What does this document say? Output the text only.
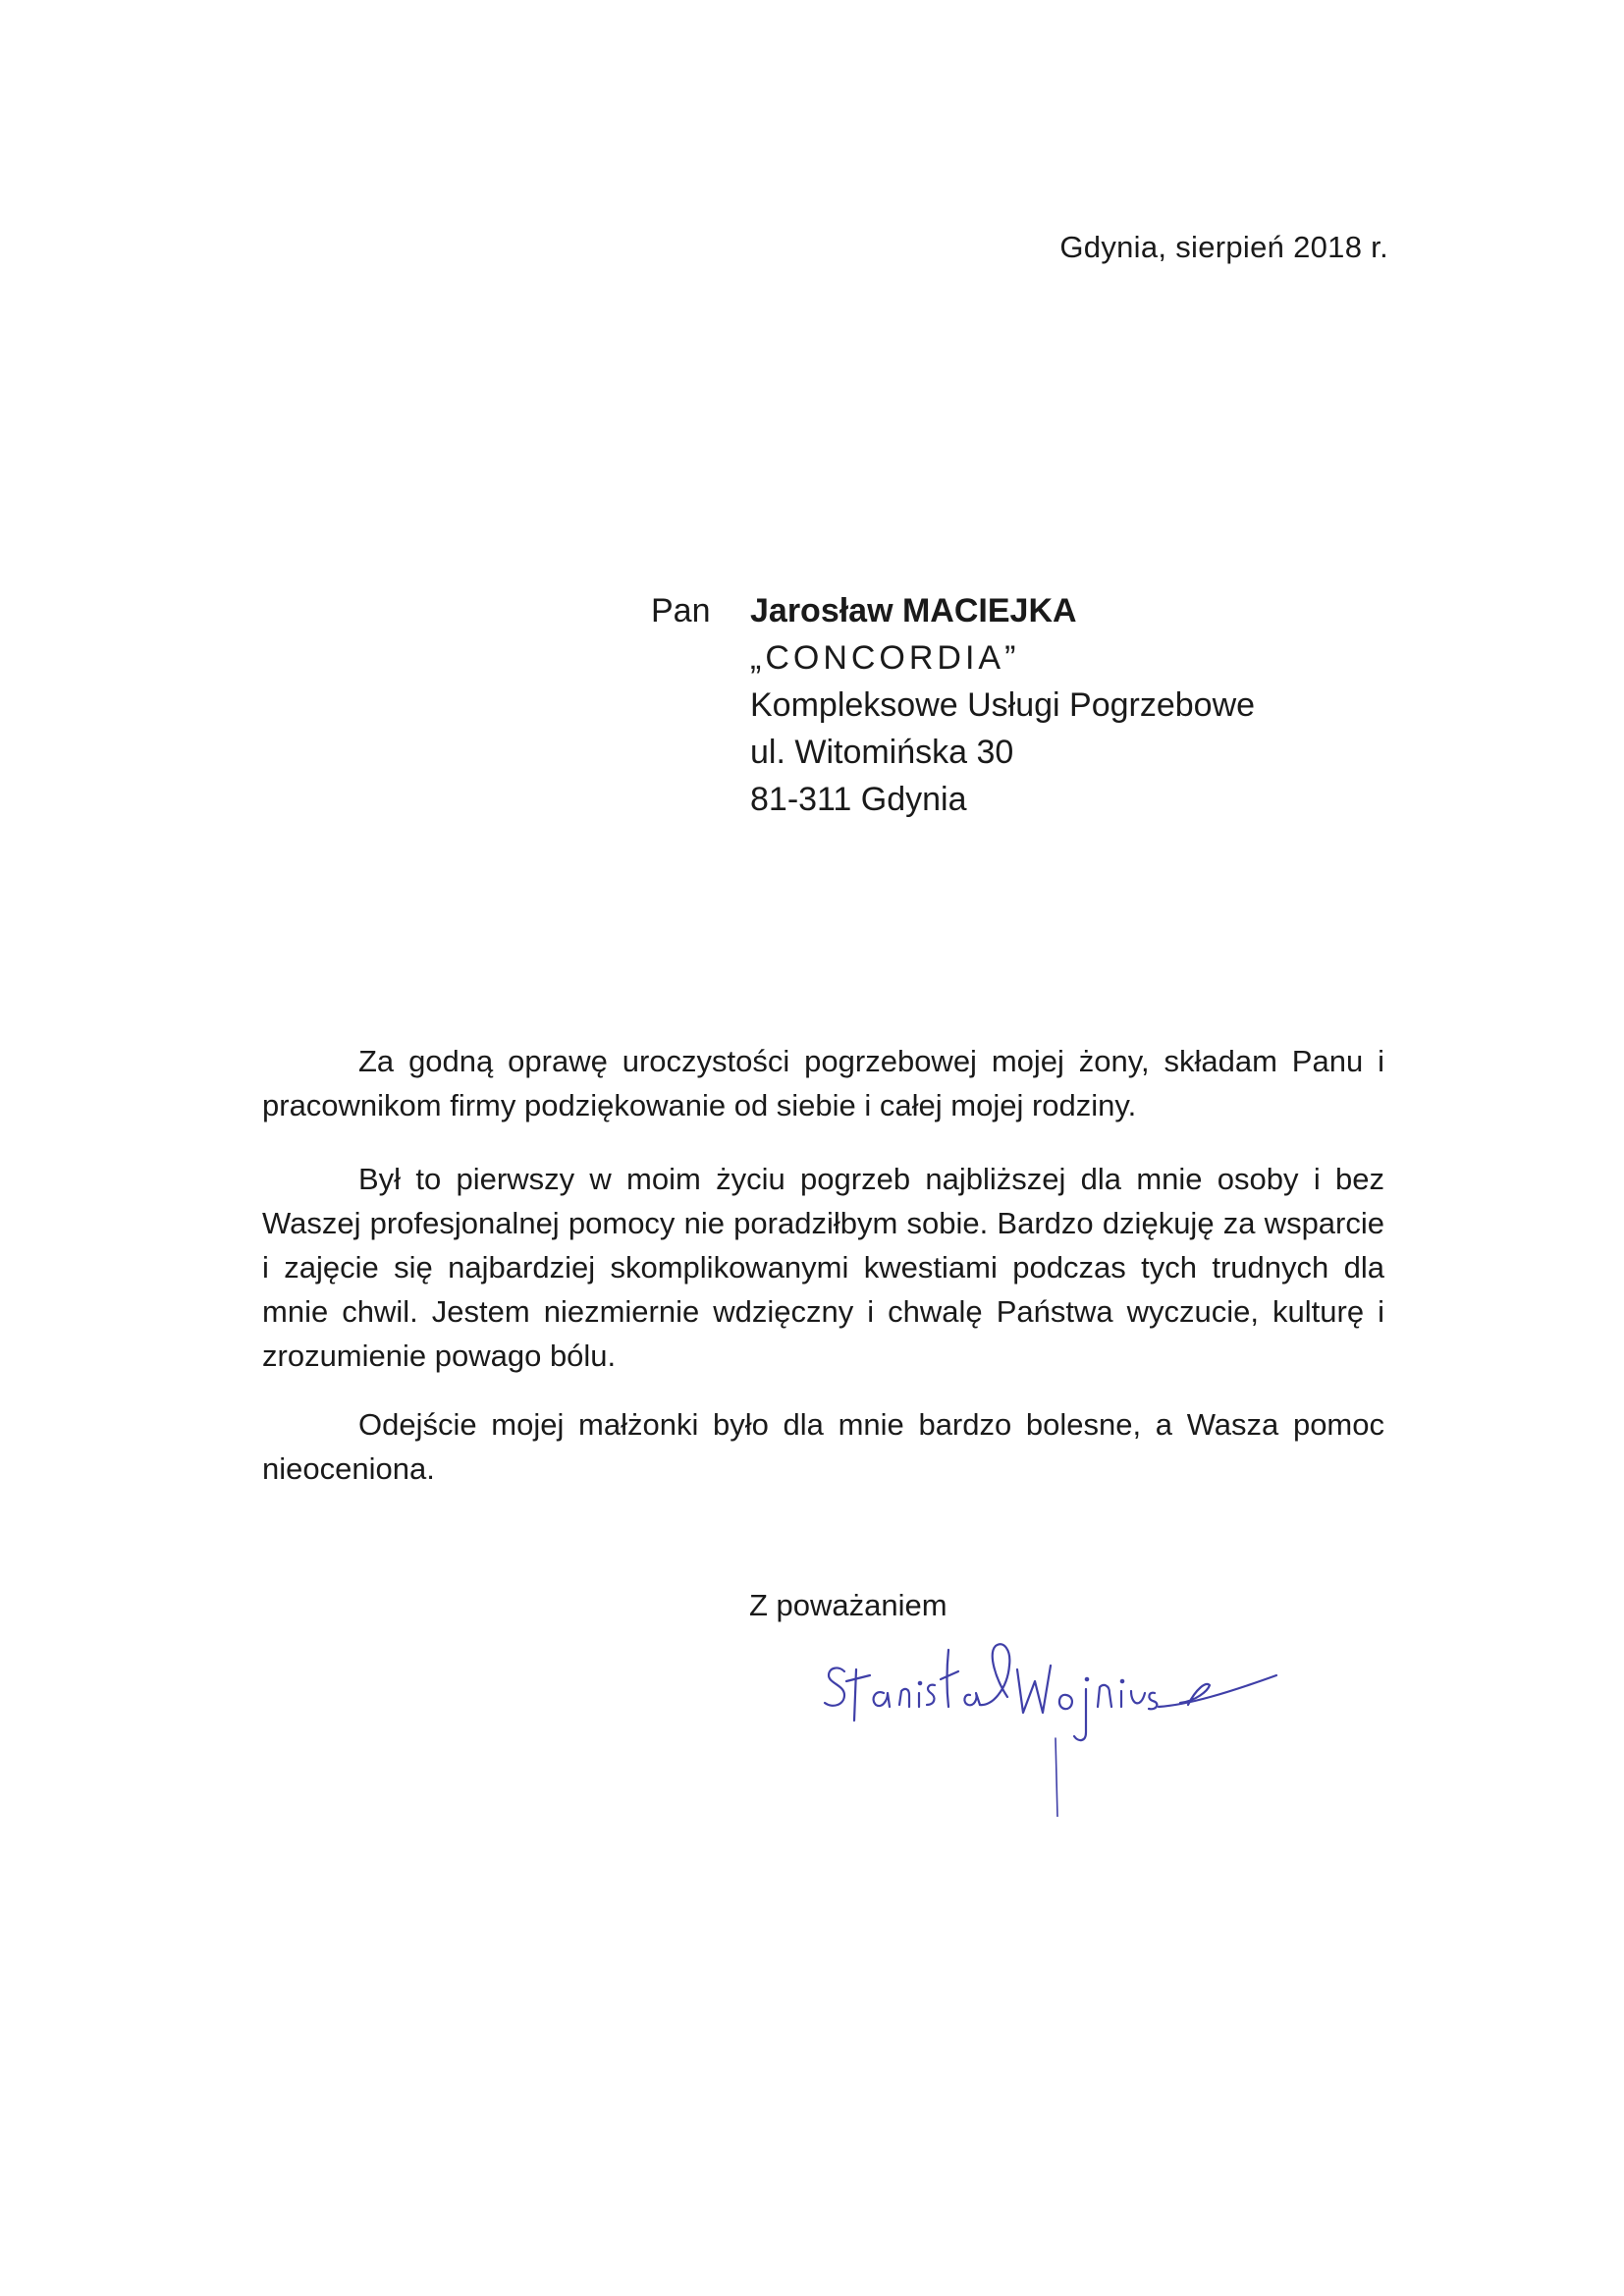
Gdynia, sierpień 2018 r.
Pan Jarosław MACIEJKA
„CONCORDIA”
Kompleksowe Usługi Pogrzebowe
ul. Witomińska 30
81-311 Gdynia

Za godną oprawę uroczystości pogrzebowej mojej żony, składam Panu i pracownikom firmy podziękowanie od siebie i całej mojej rodziny.

Był to pierwszy w moim życiu pogrzeb najbliższej dla mnie osoby i bez Waszej profesjonalnej pomocy nie poradziłbym sobie. Bardzo dziękuję za wsparcie i zajęcie się najbardziej skomplikowanymi kwestiami podczas tych trudnych dla mnie chwil. Jestem niezmiernie wdzięczny i chwalę Państwa wyczucie, kulturę i zrozumienie powago bólu.

Odejście mojej małżonki było dla mnie bardzo bolesne, a Wasza pomoc nieoceniona.

Z poważaniem
